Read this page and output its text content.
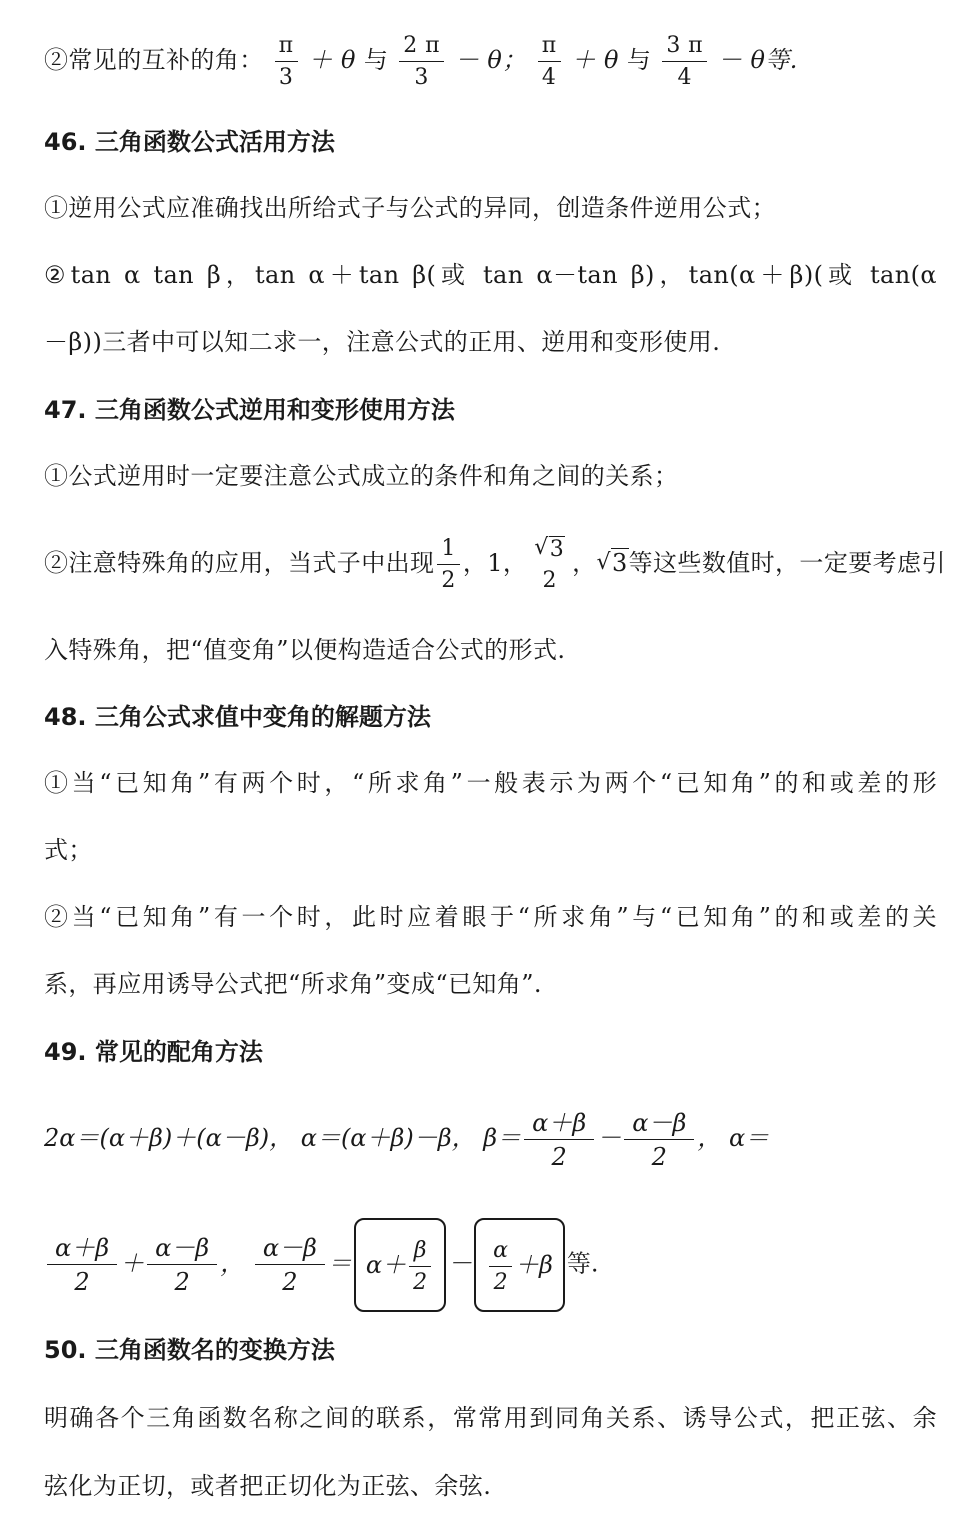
②常见的互补的角： $\frac{\pi}{3} + \theta$ 与 $\frac{2 \pi}{3} - \theta$； $\frac{\pi}{4} + \theta$ 与 $\frac{3 \pi}{4} - \theta$等.
46. 三角函数公式活用方法
①逆用公式应准确找出所给式子与公式的异同，创造条件逆用公式；
②tan α tan β，tan α＋tan β(或 tan α－tan β)，tan(α＋β)(或 tan(α
－β))三者中可以知二求一，注意公式的正用、逆用和变形使用.
47. 三角函数公式逆用和变形使用方法
①公式逆用时一定要注意公式成立的条件和角之间的关系；
②注意特殊角的应用，当式子中出现 $\frac{1}{2}$ ，1，
√3
2
，√3等这些数值时，一定要考虑引
入特殊角，把“值变角”以便构造适合公式的形式.
48. 三角公式求值中变角的解题方法
①当“已知角”有两个时，“所求角”一般表示为两个“已知角”的和或差的形
式；
②当“已知角”有一个时，此时应着眼于“所求角”与“已知角”的和或差的关
系，再应用诱导公式把“所求角”变成“已知角”.
49. 常见的配角方法
2α＝(α＋β)＋(α－β)， α＝(α＋β)－β， $\beta= \frac{\alpha+\beta}{2} - \frac{\alpha-\beta}{2}$ ， α＝
$\frac{\alpha+\beta}{2} + \frac{\alpha-\beta}{2}$ ， $\frac{\alpha-\beta}{2} = \alpha+ \frac{\beta}{2} - \frac{\alpha}{2} +\beta$ 等.
50. 三角函数名的变换方法
明确各个三角函数名称之间的联系，常常用到同角关系、诱导公式，把正弦、余
弦化为正切，或者把正切化为正弦、余弦.
